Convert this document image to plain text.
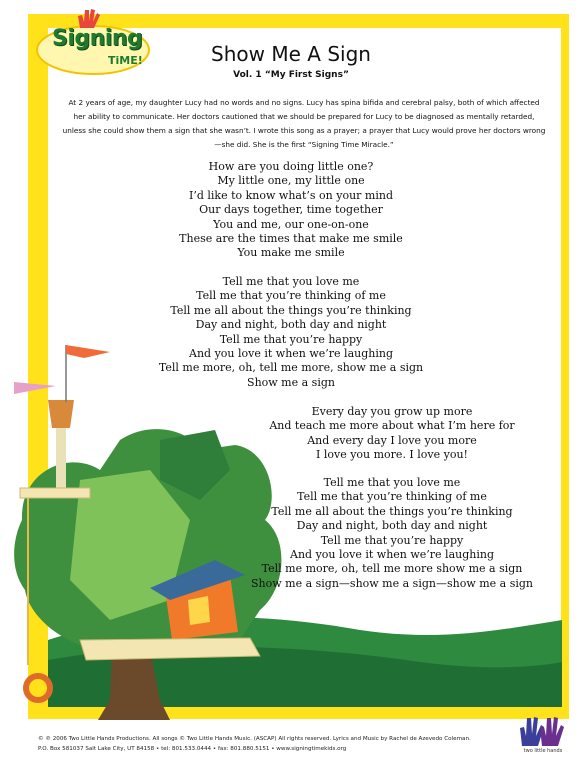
Signing
TiME!	Show Me A Sign
Vol. 1 “My First Signs”
At 2 years of age, my daughter Lucy had no words and no signs. Lucy has spina bifida and cerebral palsy, both of which affected her ability to communicate. Her doctors cautioned that we should be prepared for Lucy to be diagnosed as mentally retarded, unless she could show them a sign that she wasn’t. I wrote this song as a prayer; a prayer that Lucy would prove her doctors wrong—she did. She is the first “Signing Time Miracle.”
How are you doing little one?
My little one, my little one
I’d like to know what’s on your mind
Our days together, time together
You and me, our one-on-one
These are the times that make me smile
You make me smile
Tell me that you love me
Tell me that you’re thinking of me
Tell me all about the things you’re thinking
Day and night, both day and night
Tell me that you’re happy
And you love it when we’re laughing
Tell me more, oh, tell me more, show me a sign
Show me a sign
Every day you grow up more
And teach me more about what I’m here for
And every day I love you more
I love you more. I love you!
Tell me that you love me
Tell me that you’re thinking of me
Tell me all about the things you’re thinking
Day and night, both day and night
Tell me that you’re happy
And you love it when we’re laughing
Tell me more, oh, tell me more show me a sign
Show me a sign—show me a sign—show me a sign
© ℗ 2006 Two Little Hands Productions. All songs © Two Little Hands Music. (ASCAP) All rights reserved. Lyrics and Music by Rachel de Azevedo Coleman.
P.O. Box 581037 Salt Lake City, UT 84158 • tel: 801.533.0444 • fax: 801.880.5151 • www.signingtimekids.org	two little hands
